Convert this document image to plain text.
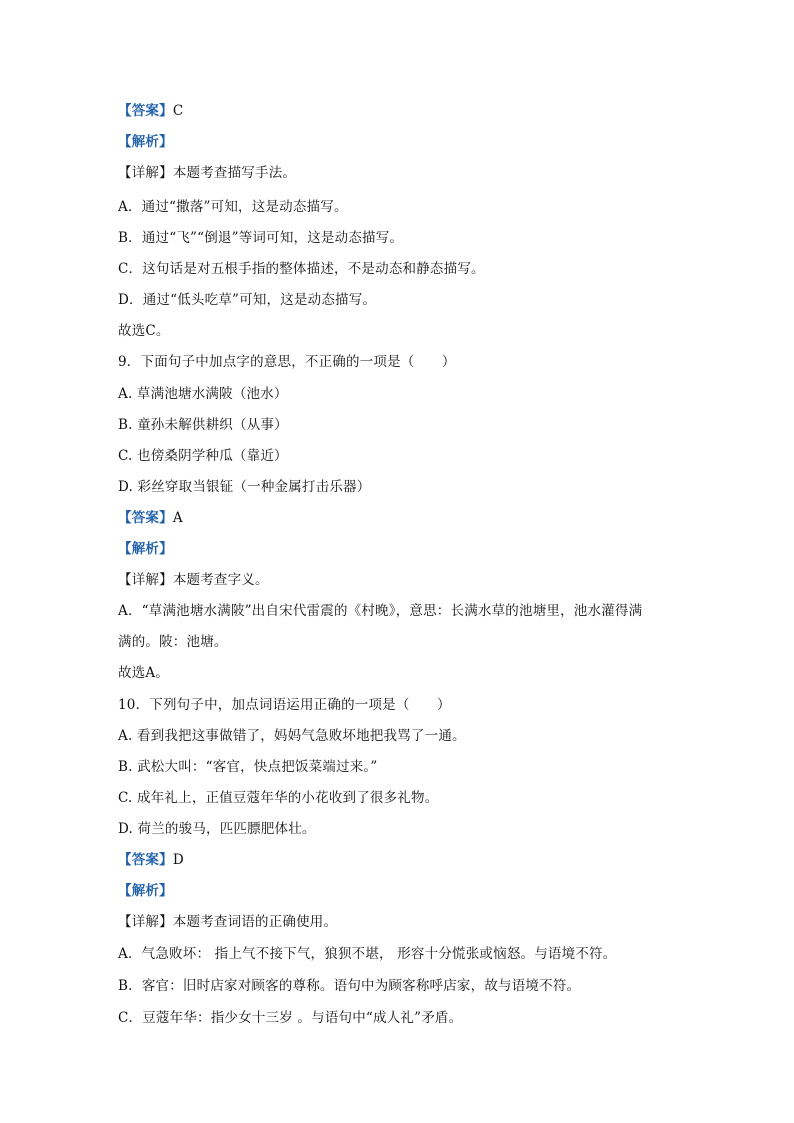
【答案】C
【解析】
【详解】本题考查描写手法。
A．通过“撒落”可知，这是动态描写。
B．通过“飞”“倒退”等词可知，这是动态描写。
C．这句话是对五根手指的整体描述，不是动态和静态描写。
D．通过“低头吃草”可知，这是动态描写。
故选C。
9．下面句子中加点字的意思，不正确的一项是（　　）
A. 草满池塘水满陂（池水）
B. 童孙未解供耕织（从事）
C. 也傍桑阴学种瓜（靠近）
D. 彩丝穿取当银钲（一种金属打击乐器）
【答案】A
【解析】
【详解】本题考查字义。
A．“草满池塘水满陂”出自宋代雷震的《村晚》，意思：长满水草的池塘里，池水灌得满
满的。陂：池塘。
故选A。
10．下列句子中，加点词语运用正确的一项是（　　）
A. 看到我把这事做错了，妈妈气急败坏地把我骂了一通。
B. 武松大叫：“客官，快点把饭菜端过来。”
C. 成年礼上，正值豆蔻年华的小花收到了很多礼物。
D. 荷兰的骏马，匹匹膘肥体壮。
【答案】D
【解析】
【详解】本题考查词语的正确使用。
A．气急败坏： 指上气不接下气，狼狈不堪， 形容十分慌张或恼怒。与语境不符。
B．客官：旧时店家对顾客的尊称。语句中为顾客称呼店家，故与语境不符。
C．豆蔻年华：指少女十三岁 。与语句中“成人礼”矛盾。
